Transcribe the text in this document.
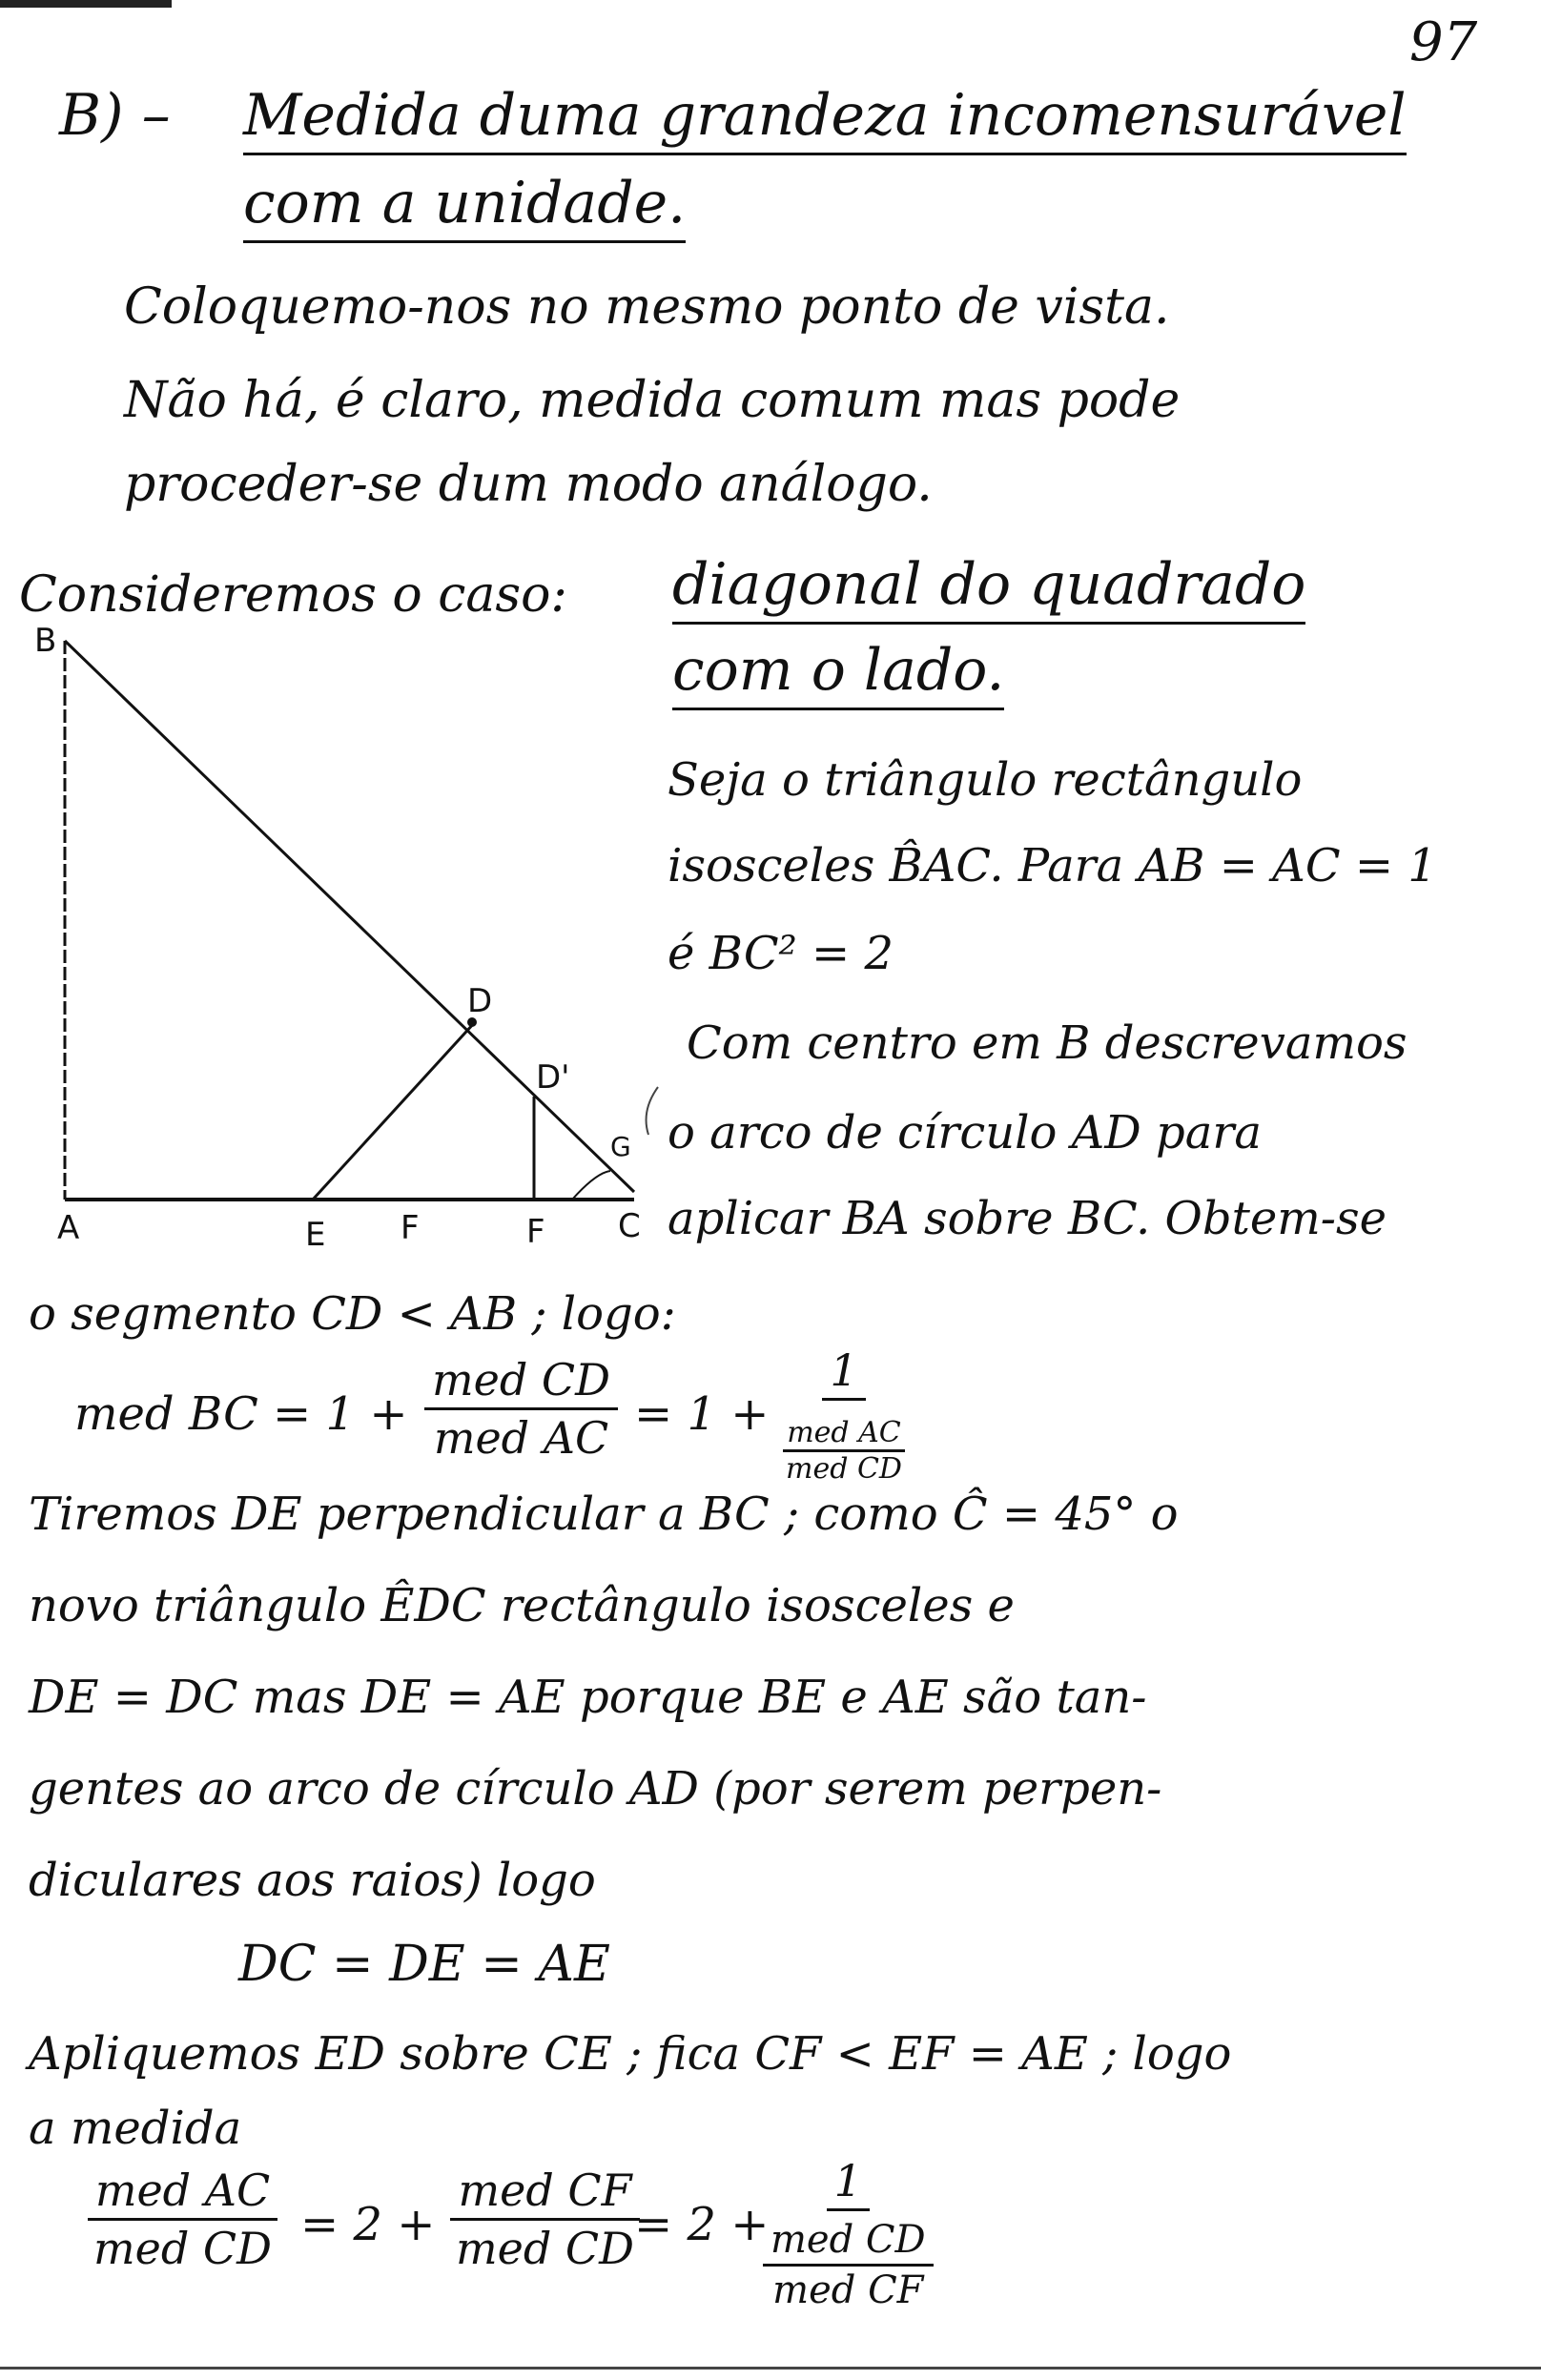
97
B) – Medida duma grandeza incomensurável
com a unidade.
Coloquemo-nos no mesmo ponto de vista.
Não há, é claro, medida comum mas pode
proceder-se dum modo análogo.
Consideremos o caso: diagonal do quadrado
com o lado.
B
A	E F	F C
D
D'
G
Seja o triângulo rectângulo
isosceles B̂AC. Para AB = AC = 1
é BC² = 2
Com centro em B descrevamos
o arco de círculo AD para
aplicar BA sobre BC. Obtem-se
o segmento CD < AB ; logo:
med BC = 1 +
med CD
med AC = 1 +
1
$\frac{\text{med AC}}{\text{med CD}}$
Tiremos DE perpendicular a BC ; como Ĉ = 45° o
novo triângulo ÊDC rectângulo isosceles e
DE = DC mas DE = AE porque BE e AE são tan-
gentes ao arco de círculo AD (por serem perpen-
diculares aos raios) logo
DC = DE = AE
Apliquemos ED sobre CE ; fica CF < EF = AE ; logo
a medida
med AC
med CD = 2 +
med CF
med CD = 2 +
1
$\frac{\text{med CD}}{\text{med CF}}$
